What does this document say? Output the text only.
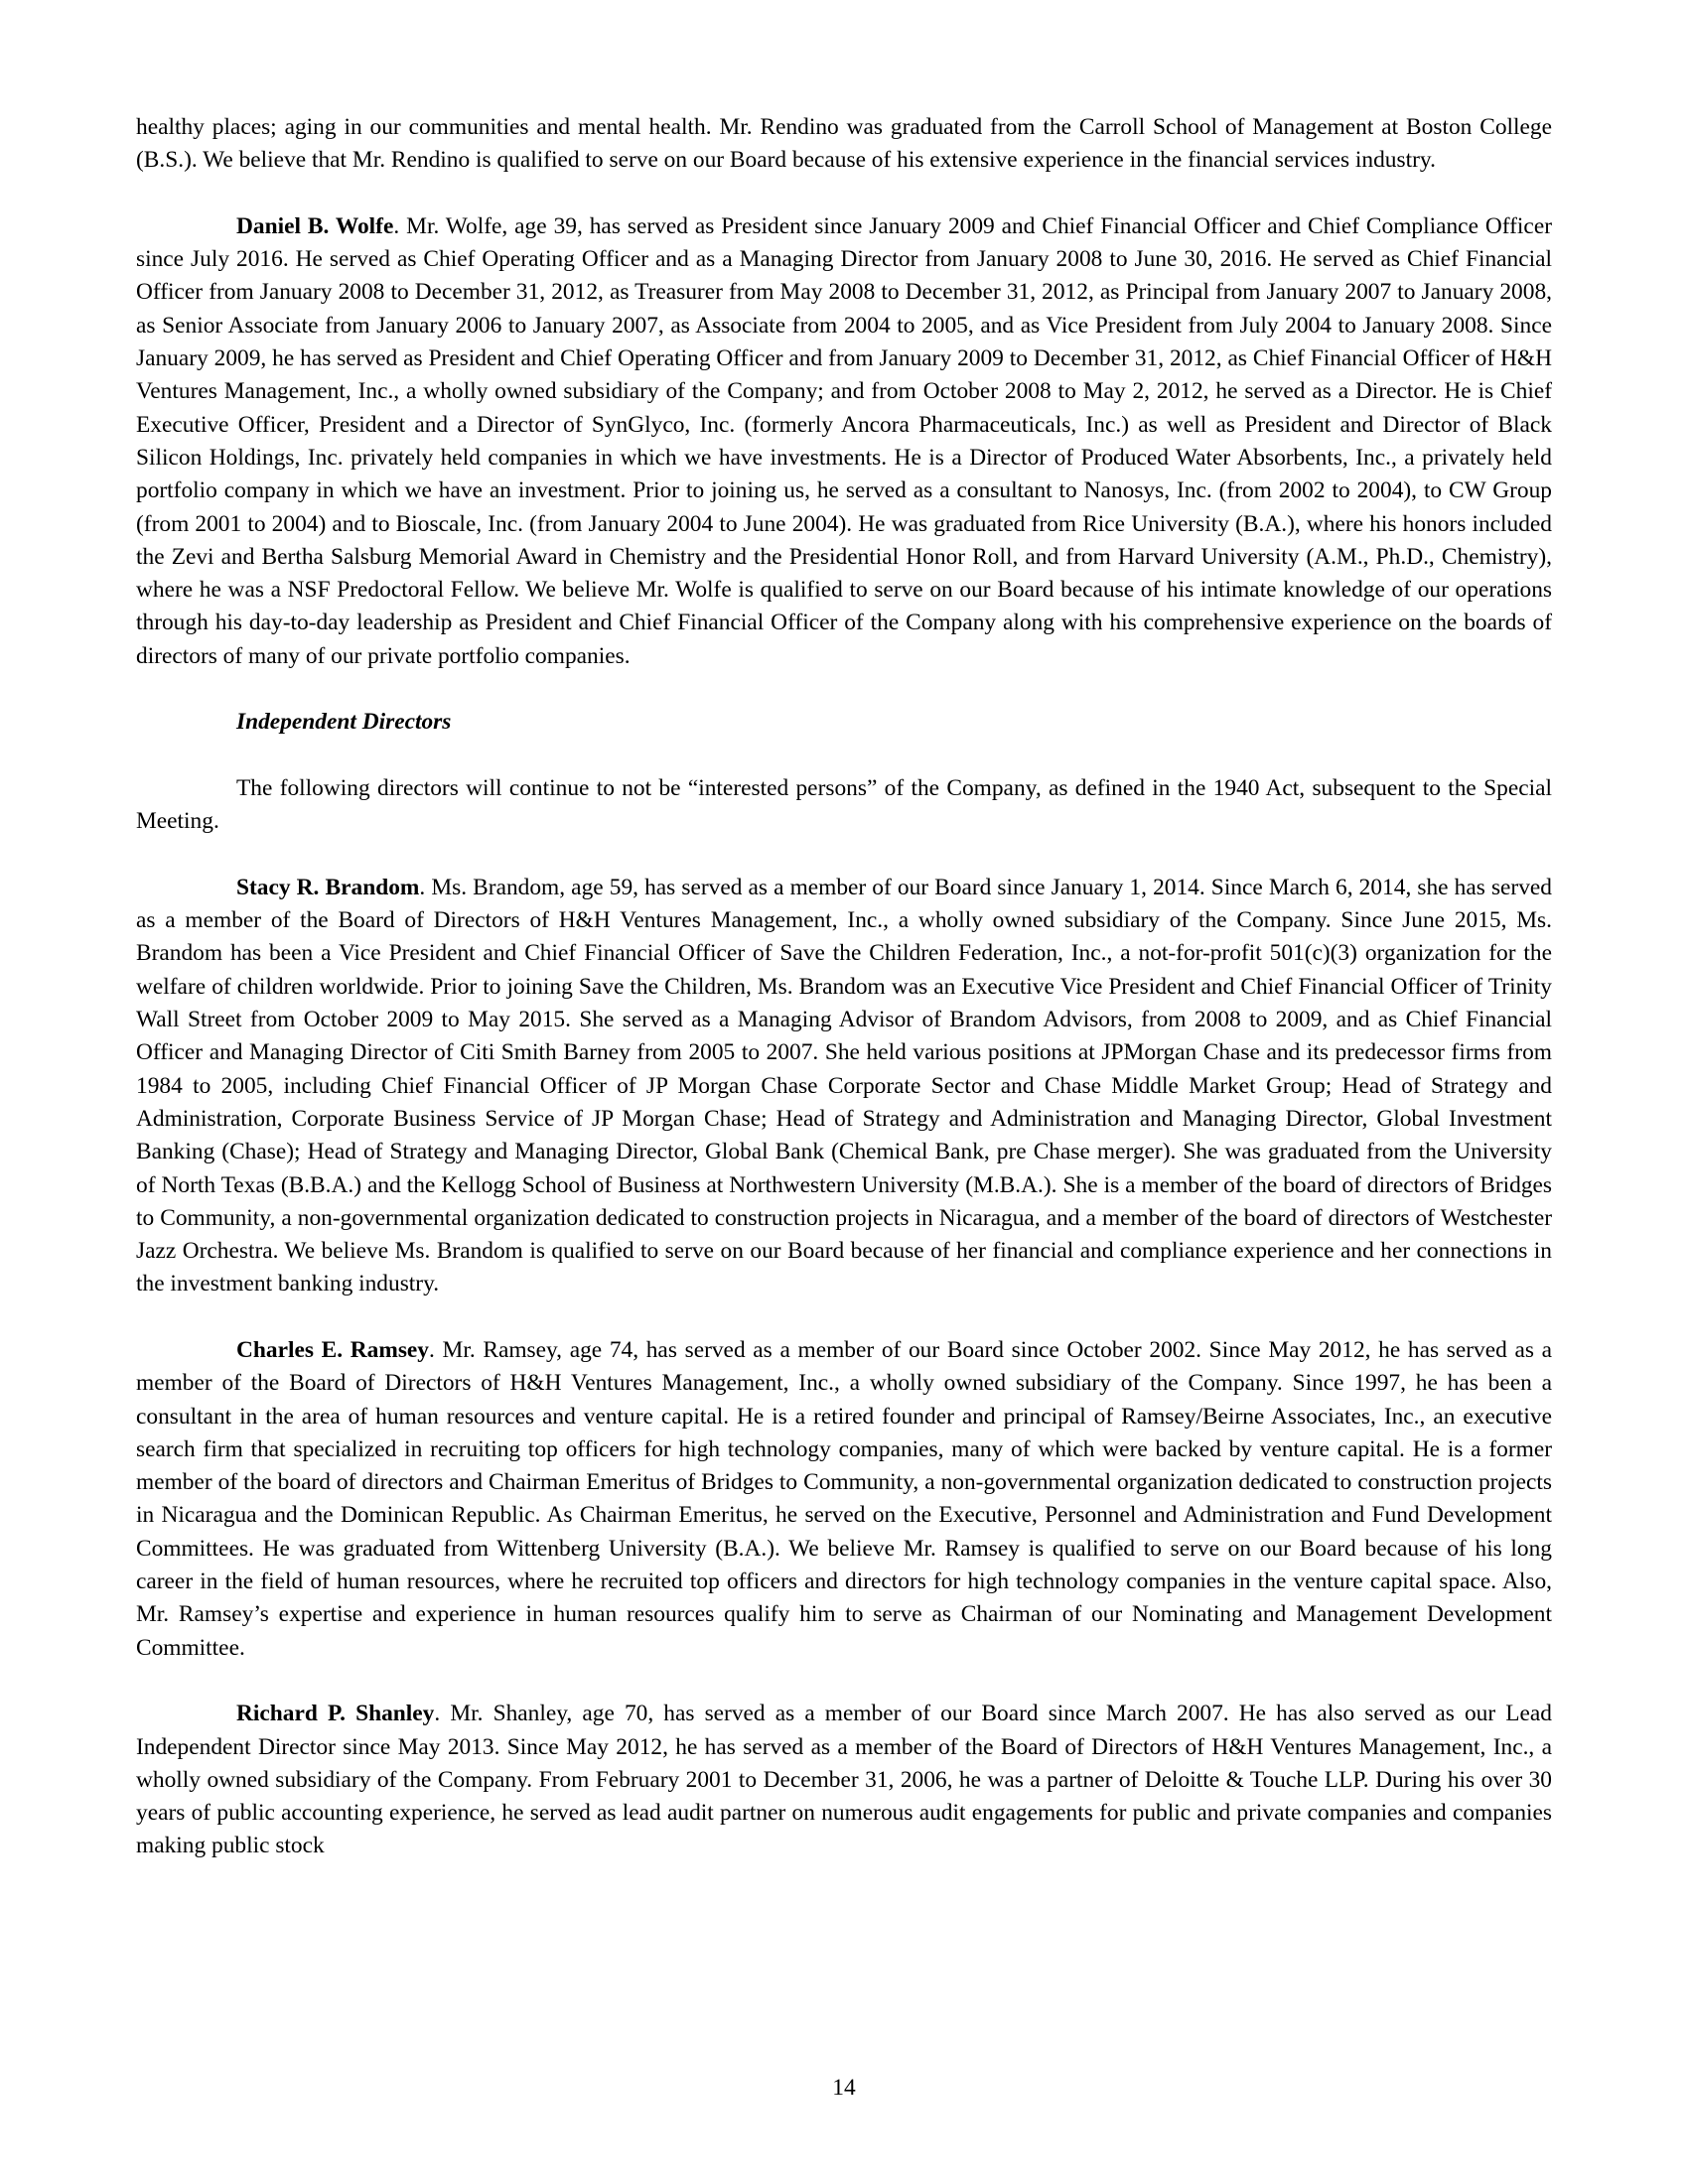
healthy places; aging in our communities and mental health. Mr. Rendino was graduated from the Carroll School of Management at Boston College (B.S.). We believe that Mr. Rendino is qualified to serve on our Board because of his extensive experience in the financial services industry.

Daniel B. Wolfe. Mr. Wolfe, age 39, has served as President since January 2009 and Chief Financial Officer and Chief Compliance Officer since July 2016. He served as Chief Operating Officer and as a Managing Director from January 2008 to June 30, 2016. He served as Chief Financial Officer from January 2008 to December 31, 2012, as Treasurer from May 2008 to December 31, 2012, as Principal from January 2007 to January 2008, as Senior Associate from January 2006 to January 2007, as Associate from 2004 to 2005, and as Vice President from July 2004 to January 2008. Since January 2009, he has served as President and Chief Operating Officer and from January 2009 to December 31, 2012, as Chief Financial Officer of H&H Ventures Management, Inc., a wholly owned subsidiary of the Company; and from October 2008 to May 2, 2012, he served as a Director. He is Chief Executive Officer, President and a Director of SynGlyco, Inc. (formerly Ancora Pharmaceuticals, Inc.) as well as President and Director of Black Silicon Holdings, Inc. privately held companies in which we have investments. He is a Director of Produced Water Absorbents, Inc., a privately held portfolio company in which we have an investment. Prior to joining us, he served as a consultant to Nanosys, Inc. (from 2002 to 2004), to CW Group (from 2001 to 2004) and to Bioscale, Inc. (from January 2004 to June 2004). He was graduated from Rice University (B.A.), where his honors included the Zevi and Bertha Salsburg Memorial Award in Chemistry and the Presidential Honor Roll, and from Harvard University (A.M., Ph.D., Chemistry), where he was a NSF Predoctoral Fellow. We believe Mr. Wolfe is qualified to serve on our Board because of his intimate knowledge of our operations through his day-to-day leadership as President and Chief Financial Officer of the Company along with his comprehensive experience on the boards of directors of many of our private portfolio companies.

Independent Directors

The following directors will continue to not be “interested persons” of the Company, as defined in the 1940 Act, subsequent to the Special Meeting.

Stacy R. Brandom. Ms. Brandom, age 59, has served as a member of our Board since January 1, 2014. Since March 6, 2014, she has served as a member of the Board of Directors of H&H Ventures Management, Inc., a wholly owned subsidiary of the Company. Since June 2015, Ms. Brandom has been a Vice President and Chief Financial Officer of Save the Children Federation, Inc., a not-for-profit 501(c)(3) organization for the welfare of children worldwide. Prior to joining Save the Children, Ms. Brandom was an Executive Vice President and Chief Financial Officer of Trinity Wall Street from October 2009 to May 2015. She served as a Managing Advisor of Brandom Advisors, from 2008 to 2009, and as Chief Financial Officer and Managing Director of Citi Smith Barney from 2005 to 2007. She held various positions at JPMorgan Chase and its predecessor firms from 1984 to 2005, including Chief Financial Officer of JP Morgan Chase Corporate Sector and Chase Middle Market Group; Head of Strategy and Administration, Corporate Business Service of JP Morgan Chase; Head of Strategy and Administration and Managing Director, Global Investment Banking (Chase); Head of Strategy and Managing Director, Global Bank (Chemical Bank, pre Chase merger). She was graduated from the University of North Texas (B.B.A.) and the Kellogg School of Business at Northwestern University (M.B.A.). She is a member of the board of directors of Bridges to Community, a non-governmental organization dedicated to construction projects in Nicaragua, and a member of the board of directors of Westchester Jazz Orchestra. We believe Ms. Brandom is qualified to serve on our Board because of her financial and compliance experience and her connections in the investment banking industry.

Charles E. Ramsey. Mr. Ramsey, age 74, has served as a member of our Board since October 2002. Since May 2012, he has served as a member of the Board of Directors of H&H Ventures Management, Inc., a wholly owned subsidiary of the Company. Since 1997, he has been a consultant in the area of human resources and venture capital. He is a retired founder and principal of Ramsey/Beirne Associates, Inc., an executive search firm that specialized in recruiting top officers for high technology companies, many of which were backed by venture capital. He is a former member of the board of directors and Chairman Emeritus of Bridges to Community, a non-governmental organization dedicated to construction projects in Nicaragua and the Dominican Republic. As Chairman Emeritus, he served on the Executive, Personnel and Administration and Fund Development Committees. He was graduated from Wittenberg University (B.A.). We believe Mr. Ramsey is qualified to serve on our Board because of his long career in the field of human resources, where he recruited top officers and directors for high technology companies in the venture capital space. Also, Mr. Ramsey’s expertise and experience in human resources qualify him to serve as Chairman of our Nominating and Management Development Committee.

Richard P. Shanley. Mr. Shanley, age 70, has served as a member of our Board since March 2007. He has also served as our Lead Independent Director since May 2013. Since May 2012, he has served as a member of the Board of Directors of H&H Ventures Management, Inc., a wholly owned subsidiary of the Company. From February 2001 to December 31, 2006, he was a partner of Deloitte & Touche LLP. During his over 30 years of public accounting experience, he served as lead audit partner on numerous audit engagements for public and private companies and companies making public stock

14
